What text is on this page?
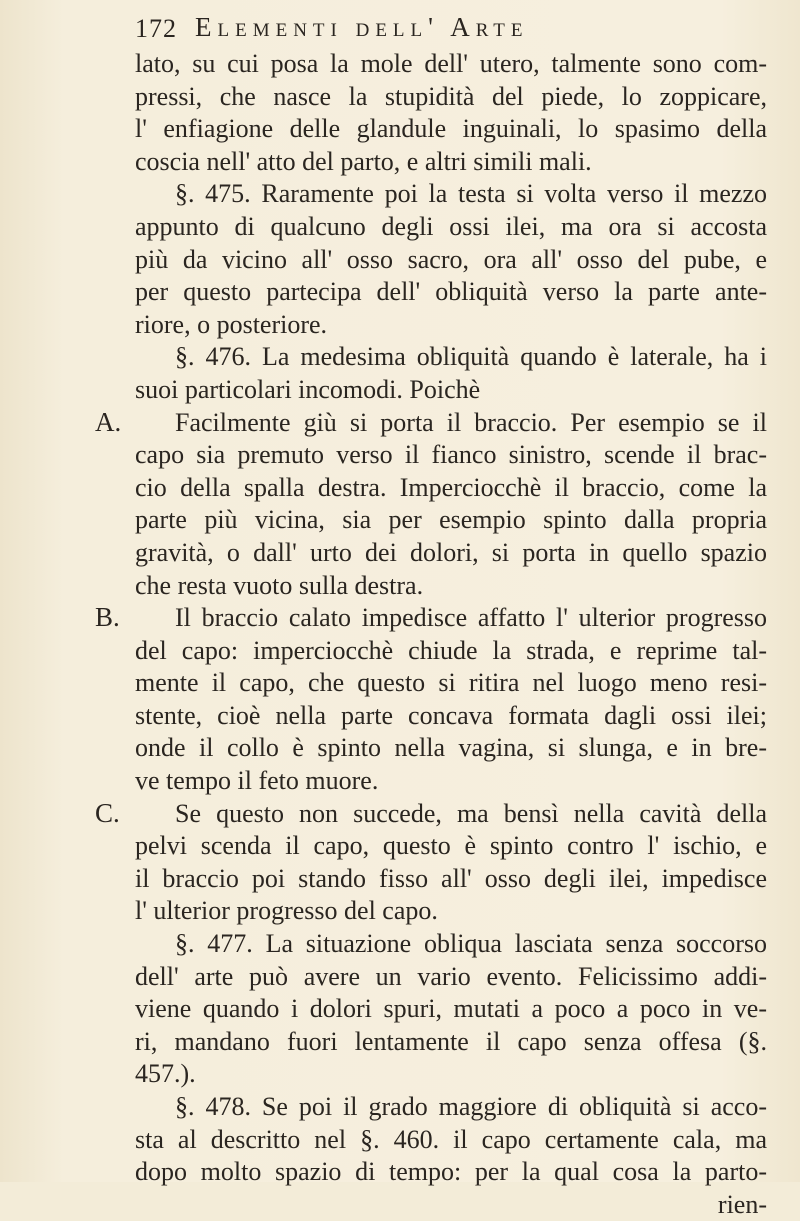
172 Elementi dell' Arte
lato, su cui posa la mole dell' utero, talmente sono com-
pressi, che nasce la stupidità del piede, lo zoppicare,
l' enfiagione delle glandule inguinali, lo spasimo della
coscia nell' atto del parto, e altri simili mali.
§. 475. Raramente poi la testa si volta verso il mezzo
appunto di qualcuno degli ossi ilei, ma ora si accosta
più da vicino all' osso sacro, ora all' osso del pube, e
per questo partecipa dell' obliquità verso la parte ante-
riore, o posteriore.
§. 476. La medesima obliquità quando è laterale, ha i
suoi particolari incomodi. Poichè
Facilmente giù si porta il braccio. Per esempio se il
capo sia premuto verso il fianco sinistro, scende il brac-
cio della spalla destra. Imperciocchè il braccio, come la
parte più vicina, sia per esempio spinto dalla propria
gravità, o dall' urto dei dolori, si porta in quello spazio
che resta vuoto sulla destra.
Il braccio calato impedisce affatto l' ulterior progresso
del capo: imperciocchè chiude la strada, e reprime tal-
mente il capo, che questo si ritira nel luogo meno resi-
stente, cioè nella parte concava formata dagli ossi ilei;
onde il collo è spinto nella vagina, si slunga, e in bre-
ve tempo il feto muore.
Se questo non succede, ma bensì nella cavità della
pelvi scenda il capo, questo è spinto contro l' ischio, e
il braccio poi stando fisso all' osso degli ilei, impedisce
l' ulterior progresso del capo.
§. 477. La situazione obliqua lasciata senza soccorso
dell' arte può avere un vario evento. Felicissimo addi-
viene quando i dolori spuri, mutati a poco a poco in ve-
ri, mandano fuori lentamente il capo senza offesa (§.
457.).
§. 478. Se poi il grado maggiore di obliquità si acco-
sta al descritto nel §. 460. il capo certamente cala, ma
dopo molto spazio di tempo: per la qual cosa la parto-
rien-
A.
B.
C.
